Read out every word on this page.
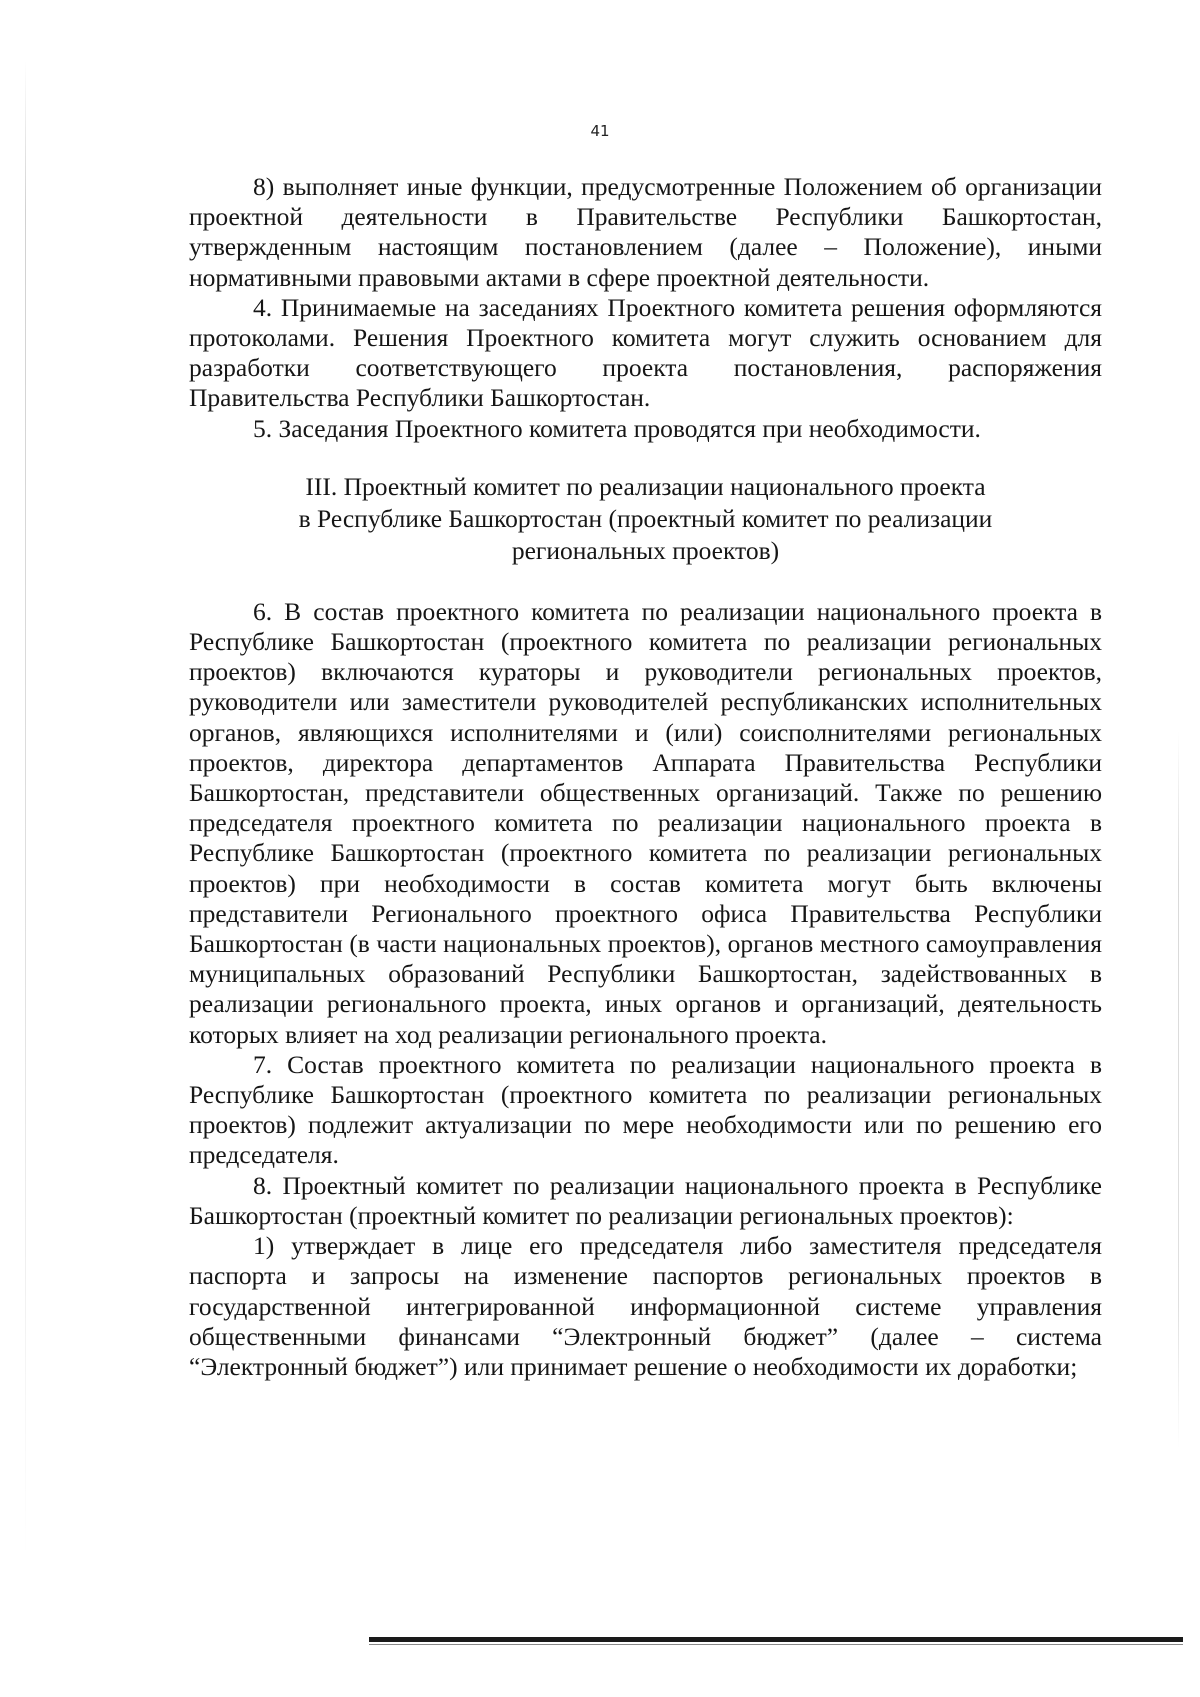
41

8) выполняет иные функции, предусмотренные Положением об организации проектной деятельности в Правительстве Республики Башкортостан, утвержденным настоящим постановлением (далее – Положение), иными нормативными правовыми актами в сфере проектной деятельности.

4. Принимаемые на заседаниях Проектного комитета решения оформляются протоколами. Решения Проектного комитета могут служить основанием для разработки соответствующего проекта постановления, распоряжения Правительства Республики Башкортостан.

5. Заседания Проектного комитета проводятся при необходимости.

III. Проектный комитет по реализации национального проекта
в Республике Башкортостан (проектный комитет по реализации
региональных проектов)

6. В состав проектного комитета по реализации национального проекта в Республике Башкортостан (проектного комитета по реализации региональных проектов) включаются кураторы и руководители региональных проектов, руководители или заместители руководителей республиканских исполнительных органов, являющихся исполнителями и (или) соисполнителями региональных проектов, директора департаментов Аппарата Правительства Республики Башкортостан, представители общественных организаций. Также по решению председателя проектного комитета по реализации национального проекта в Республике Башкортостан (проектного комитета по реализации региональных проектов) при необходимости в состав комитета могут быть включены представители Регионального проектного офиса Правительства Республики Башкортостан (в части национальных проектов), органов местного самоуправления муниципальных образований Республики Башкортостан, задействованных в реализации регионального проекта, иных органов и организаций, деятельность которых влияет на ход реализации регионального проекта.

7. Состав проектного комитета по реализации национального проекта в Республике Башкортостан (проектного комитета по реализации региональных проектов) подлежит актуализации по мере необходимости или по решению его председателя.

8. Проектный комитет по реализации национального проекта в Республике Башкортостан (проектный комитет по реализации региональных проектов):

1) утверждает в лице его председателя либо заместителя председателя паспорта и запросы на изменение паспортов региональных проектов в государственной интегрированной информационной системе управления общественными финансами “Электронный бюджет” (далее – система “Электронный бюджет”) или принимает решение о необходимости их доработки;
